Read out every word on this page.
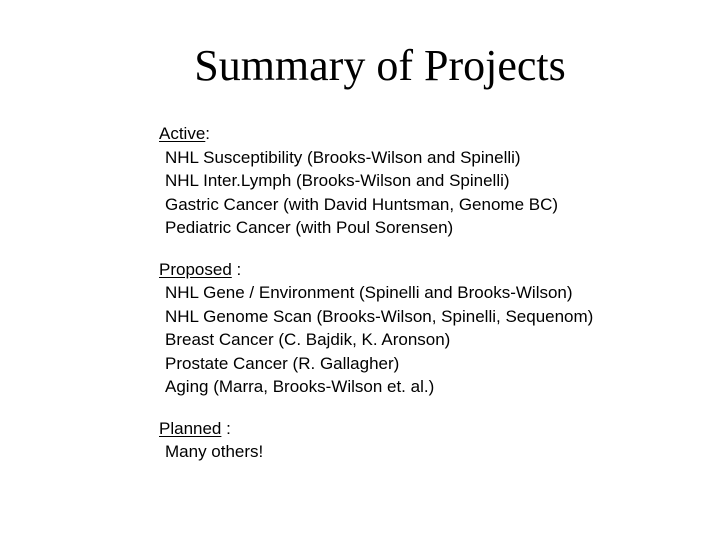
Summary of Projects
Active:
NHL Susceptibility (Brooks-Wilson and Spinelli)
NHL Inter.Lymph (Brooks-Wilson and Spinelli)
Gastric Cancer (with David Huntsman, Genome BC)
Pediatric Cancer (with Poul Sorensen)
Proposed :
NHL Gene / Environment (Spinelli and Brooks-Wilson)
NHL Genome Scan (Brooks-Wilson, Spinelli, Sequenom)
Breast Cancer (C. Bajdik, K. Aronson)
Prostate Cancer (R. Gallagher)
Aging (Marra, Brooks-Wilson et. al.)
Planned :
Many others!
